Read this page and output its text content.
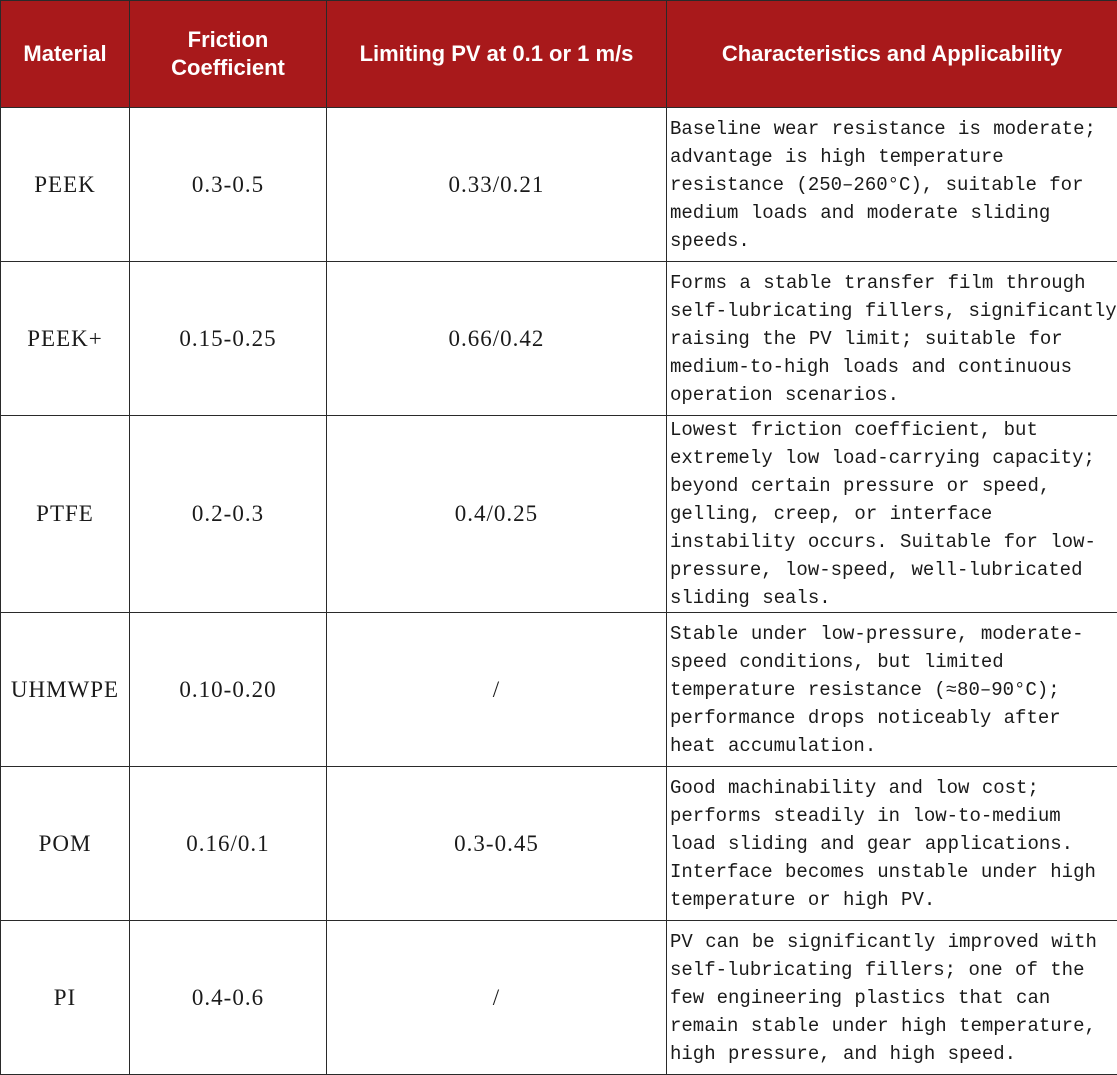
Material	Friction Coefficient	Limiting PV at 0.1 or 1 m/s	Characteristics and Applicability
PEEK	0.3-0.5	0.33/0.21	Baseline wear resistance is moderate; advantage is high temperature resistance (250–260°C), suitable for medium loads and moderate sliding speeds.
PEEK+	0.15-0.25	0.66/0.42	Forms a stable transfer film through self-lubricating fillers, significantly raising the PV limit; suitable for medium-to-high loads and continuous operation scenarios.
PTFE	0.2-0.3	0.4/0.25	Lowest friction coefficient, but extremely low load-carrying capacity; beyond certain pressure or speed, gelling, creep, or interface instability occurs. Suitable for low-pressure, low-speed, well-lubricated sliding seals.
UHMWPE	0.10-0.20	/	Stable under low-pressure, moderate-speed conditions, but limited temperature resistance (≈80–90°C); performance drops noticeably after heat accumulation.
POM	0.16/0.1	0.3-0.45	Good machinability and low cost; performs steadily in low-to-medium load sliding and gear applications. Interface becomes unstable under high temperature or high PV.
PI	0.4-0.6	/	PV can be significantly improved with self-lubricating fillers; one of the few engineering plastics that can remain stable under high temperature, high pressure, and high speed.
